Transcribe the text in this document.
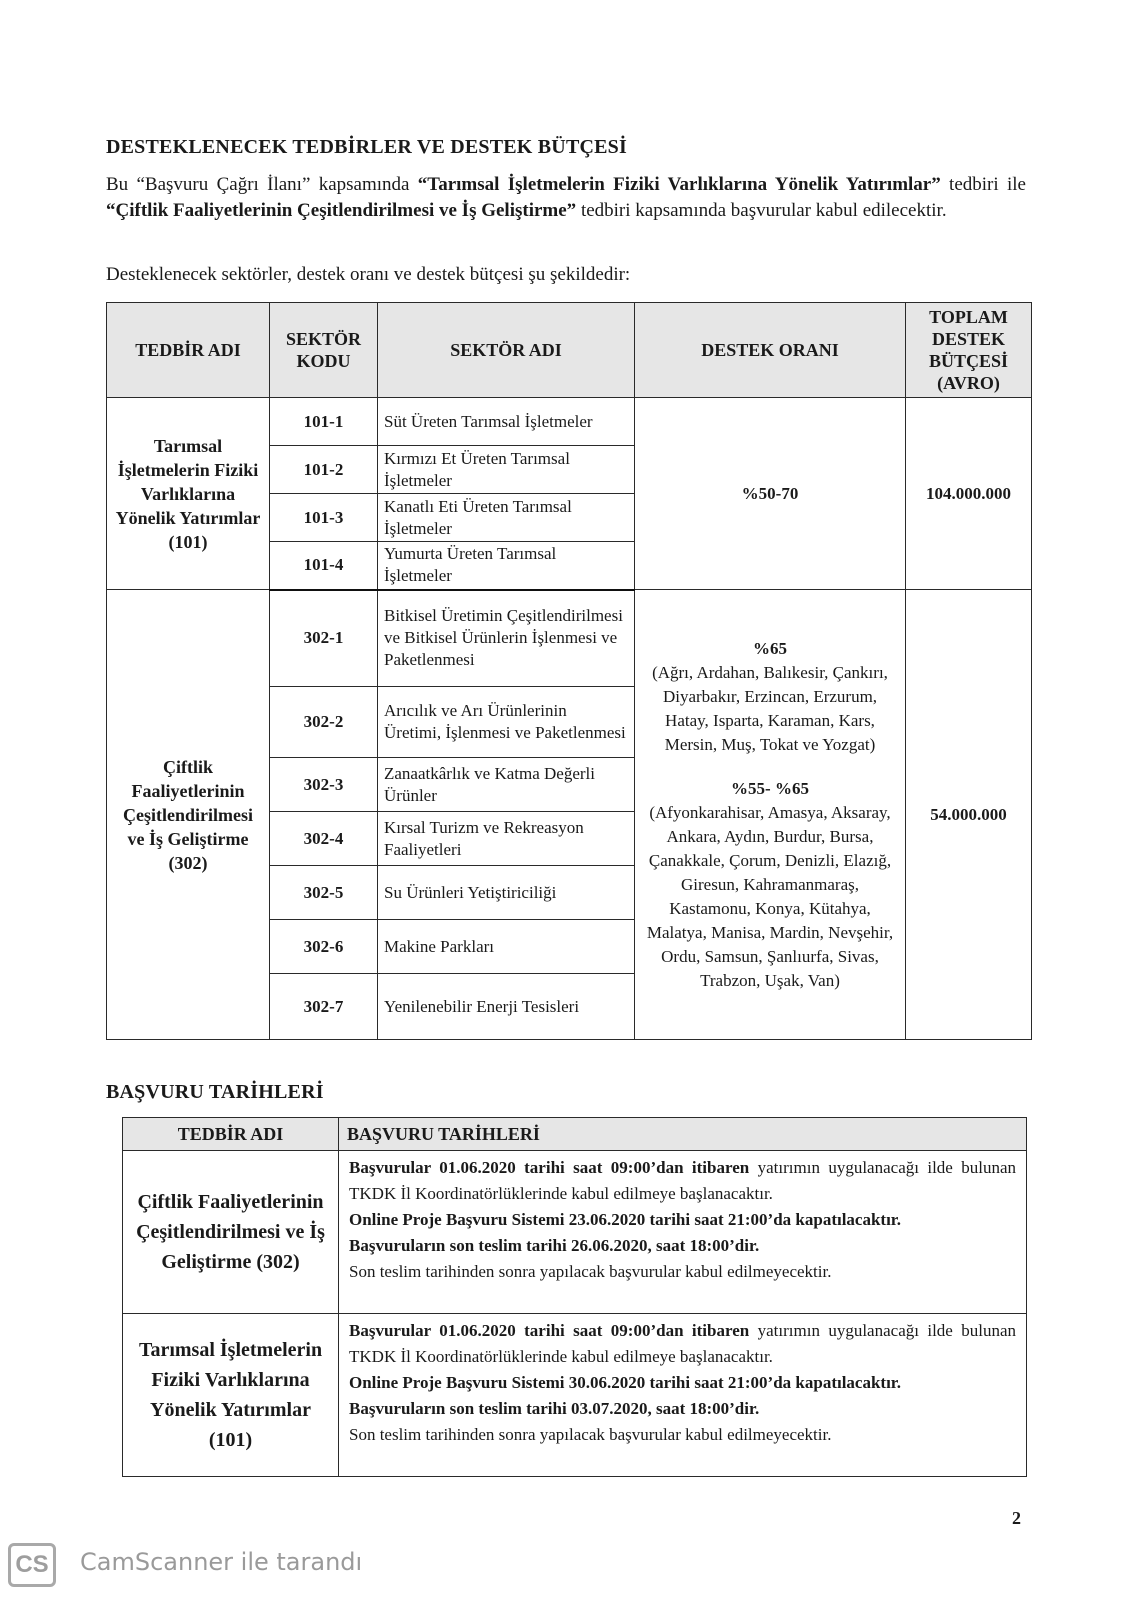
DESTEKLENECEK TEDBİRLER VE DESTEK BÜTÇESİ
Bu “Başvuru Çağrı İlanı” kapsamında “Tarımsal İşletmelerin Fiziki Varlıklarına Yönelik Yatırımlar” tedbiri ile “Çiftlik Faaliyetlerinin Çeşitlendirilmesi ve İş Geliştirme” tedbiri kapsamında başvurular kabul edilecektir.
Desteklenecek sektörler, destek oranı ve destek bütçesi şu şekildedir:
TEDBİR ADI	SEKTÖR KODU	SEKTÖR ADI	DESTEK ORANI	TOPLAM DESTEK BÜTÇESİ (AVRO)
Tarımsal İşletmelerin Fiziki Varlıklarına Yönelik Yatırımlar (101)	101-1	Süt Üreten Tarımsal İşletmeler	%50-70	104.000.000
	101-2	Kırmızı Et Üreten Tarımsal İşletmeler		
	101-3	Kanatlı Eti Üreten Tarımsal İşletmeler		
	101-4	Yumurta Üreten Tarımsal İşletmeler		
Çiftlik Faaliyetlerinin Çeşitlendirilmesi ve İş Geliştirme (302)	302-1	Bitkisel Üretimin Çeşitlendirilmesi ve Bitkisel Ürünlerin İşlenmesi ve Paketlenmesi	%65
(Ağrı, Ardahan, Balıkesir, Çankırı, Diyarbakır, Erzincan, Erzurum, Hatay, Isparta, Karaman, Kars, Mersin, Muş, Tokat ve Yozgat)
%55- %65
(Afyonkarahisar, Amasya, Aksaray, Ankara, Aydın, Burdur, Bursa, Çanakkale, Çorum, Denizli, Elazığ, Giresun, Kahramanmaraş, Kastamonu, Konya, Kütahya, Malatya, Manisa, Mardin, Nevşehir, Ordu, Samsun, Şanlıurfa, Sivas, Trabzon, Uşak, Van)	54.000.000
	302-2	Arıcılık ve Arı Ürünlerinin Üretimi, İşlenmesi ve Paketlenmesi		
	302-3	Zanaatkârlık ve Katma Değerli Ürünler		
	302-4	Kırsal Turizm ve Rekreasyon Faaliyetleri		
	302-5	Su Ürünleri Yetiştiriciliği		
	302-6	Makine Parkları		
	302-7	Yenilenebilir Enerji Tesisleri		
BAŞVURU TARİHLERİ
TEDBİR ADI	BAŞVURU TARİHLERİ
Çiftlik Faaliyetlerinin Çeşitlendirilmesi ve İş Geliştirme (302)	Başvurular 01.06.2020 tarihi saat 09:00’dan itibaren yatırımın uygulanacağı ilde bulunan TKDK İl Koordinatörlüklerinde kabul edilmeye başlanacaktır.
Online Proje Başvuru Sistemi 23.06.2020 tarihi saat 21:00’da kapatılacaktır.
Başvuruların son teslim tarihi 26.06.2020, saat 18:00’dir.
Son teslim tarihinden sonra yapılacak başvurular kabul edilmeyecektir.

Tarımsal İşletmelerin Fiziki Varlıklarına Yönelik Yatırımlar (101)	Başvurular 01.06.2020 tarihi saat 09:00’dan itibaren yatırımın uygulanacağı ilde bulunan TKDK İl Koordinatörlüklerinde kabul edilmeye başlanacaktır.
Online Proje Başvuru Sistemi 30.06.2020 tarihi saat 21:00’da kapatılacaktır.
Başvuruların son teslim tarihi 03.07.2020, saat 18:00’dir.
Son teslim tarihinden sonra yapılacak başvurular kabul edilmeyecektir.
2
CS	CamScanner ile tarandı
